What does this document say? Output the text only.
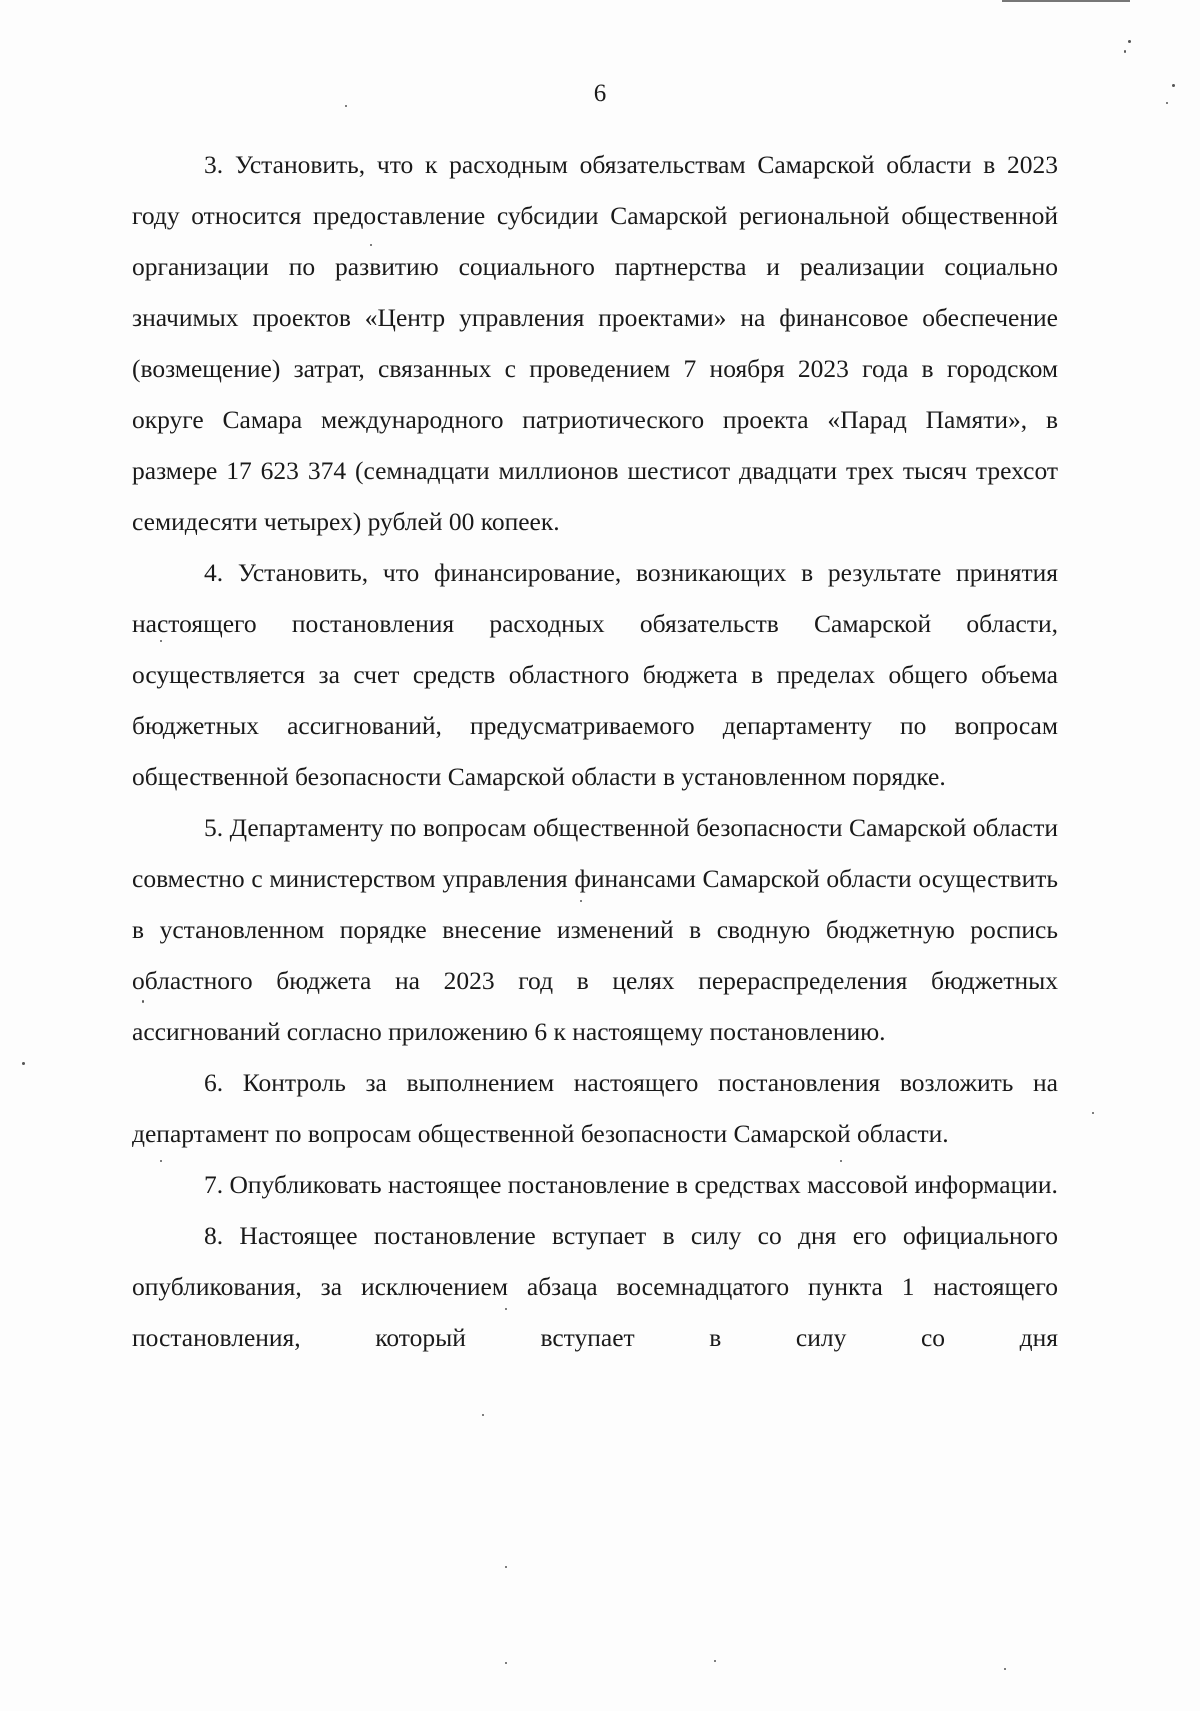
6

3. Установить, что к расходным обязательствам Самарской области в 2023 году относится предоставление субсидии Самарской региональной общественной организации по развитию социального партнерства и реализации социально значимых проектов «Центр управления проектами» на финансовое обеспечение (возмещение) затрат, связанных с проведением 7 ноября 2023 года в городском округе Самара международного патриотического проекта «Парад Памяти», в размере 17 623 374 (семнадцати миллионов шестисот двадцати трех тысяч трехсот семидесяти четырех) рублей 00 копеек.

4. Установить, что финансирование, возникающих в результате принятия настоящего постановления расходных обязательств Самарской области, осуществляется за счет средств областного бюджета в пределах общего объема бюджетных ассигнований, предусматриваемого департаменту по вопросам общественной безопасности Самарской области в установленном порядке.

5. Департаменту по вопросам общественной безопасности Самарской области совместно с министерством управления финансами Самарской области осуществить в установленном порядке внесение изменений в сводную бюджетную роспись областного бюджета на 2023 год в целях перераспределения бюджетных ассигнований согласно приложению 6 к настоящему постановлению.

6. Контроль за выполнением настоящего постановления возложить на департамент по вопросам общественной безопасности Самарской области.

7. Опубликовать настоящее постановление в средствах массовой информации.

8. Настоящее постановление вступает в силу со дня его официального опубликования, за исключением абзаца восемнадцатого пункта 1 настоящего постановления, который вступает в силу со дня
